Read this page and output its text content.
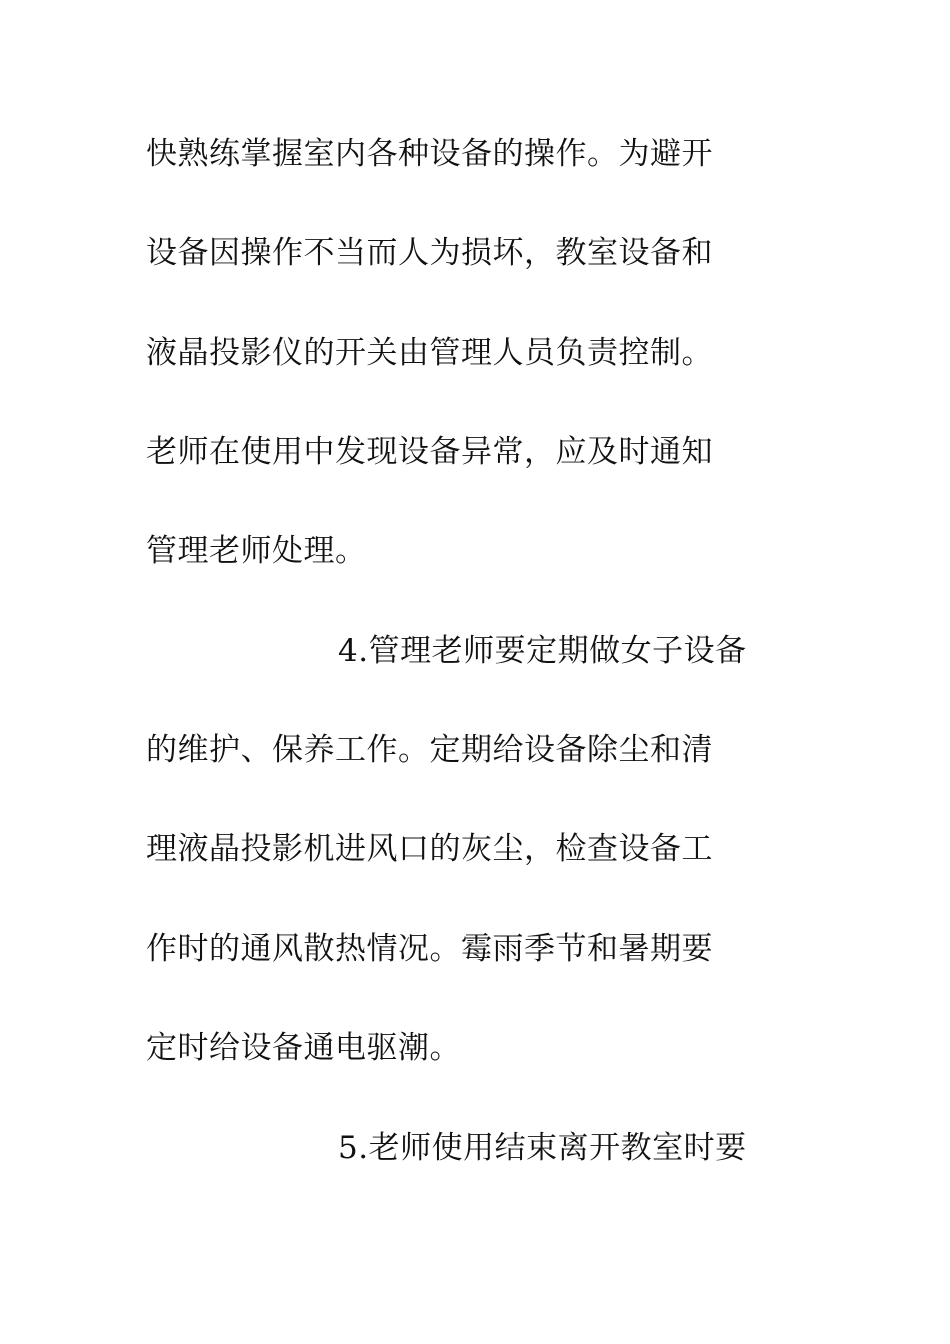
快熟练掌握室内各种设备的操作。为避开
设备因操作不当而人为损坏，教室设备和
液晶投影仪的开关由管理人员负责控制。
老师在使用中发现设备异常，应及时通知
管理老师处理。
4.管理老师要定期做女子设备
的维护、保养工作。定期给设备除尘和清
理液晶投影机进风口的灰尘，检查设备工
作时的通风散热情况。霉雨季节和暑期要
定时给设备通电驱潮。
5.老师使用结束离开教室时要
